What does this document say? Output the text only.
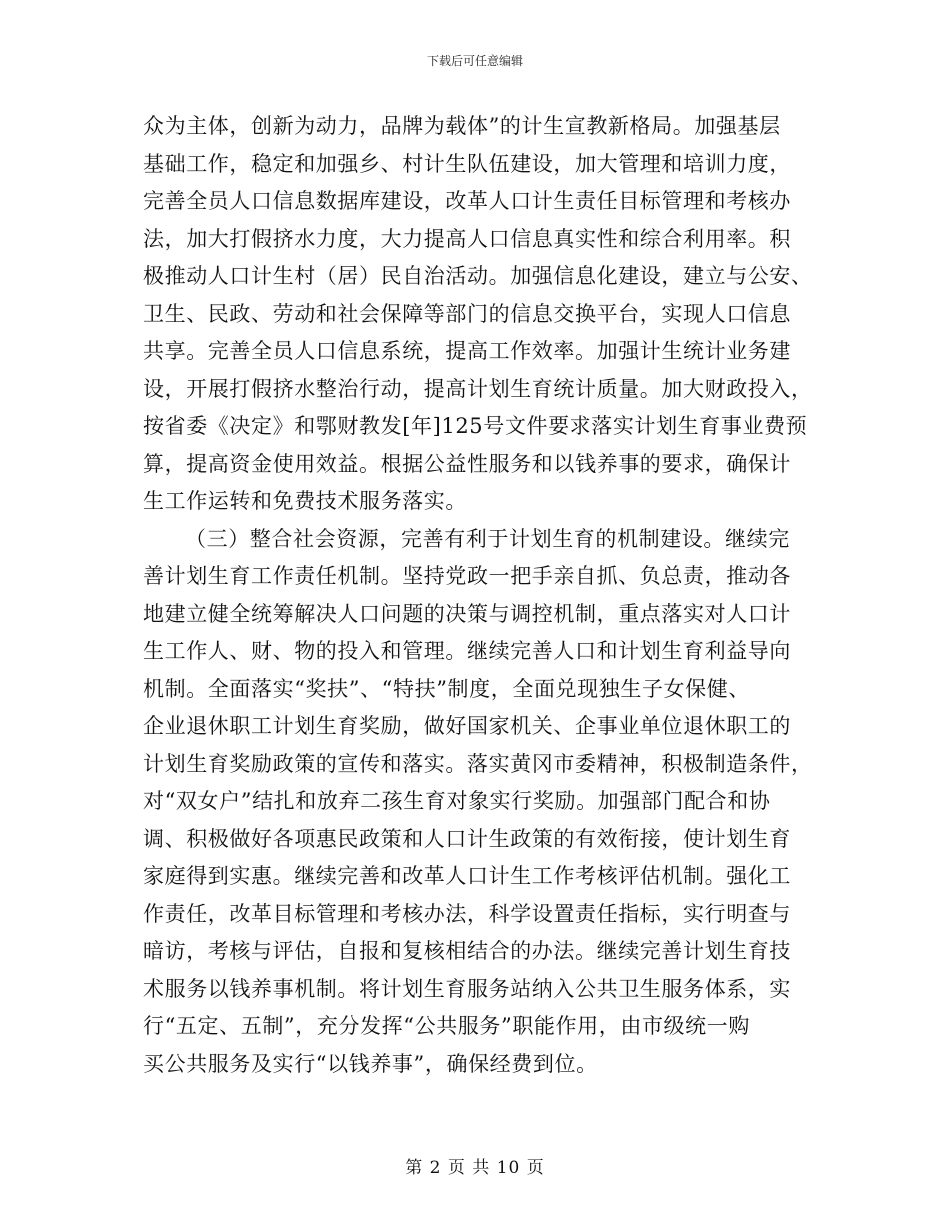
下载后可任意编辑
众为主体，创新为动力，品牌为载体”的计生宣教新格局。加强基层
基础工作，稳定和加强乡、村计生队伍建设，加大管理和培训力度，
完善全员人口信息数据库建设，改革人口计生责任目标管理和考核办
法，加大打假挤水力度，大力提高人口信息真实性和综合利用率。积
极推动人口计生村（居）民自治活动。加强信息化建设，建立与公安、
卫生、民政、劳动和社会保障等部门的信息交换平台，实现人口信息
共享。完善全员人口信息系统，提高工作效率。加强计生统计业务建
设，开展打假挤水整治行动，提高计划生育统计质量。加大财政投入，
按省委《决定》和鄂财教发[年]125号文件要求落实计划生育事业费预
算，提高资金使用效益。根据公益性服务和以钱养事的要求，确保计
生工作运转和免费技术服务落实。
（三）整合社会资源，完善有利于计划生育的机制建设。继续完
善计划生育工作责任机制。坚持党政一把手亲自抓、负总责，推动各
地建立健全统筹解决人口问题的决策与调控机制，重点落实对人口计
生工作人、财、物的投入和管理。继续完善人口和计划生育利益导向
机制。全面落实“奖扶”、“特扶”制度，全面兑现独生子女保健、
企业退休职工计划生育奖励，做好国家机关、企事业单位退休职工的
计划生育奖励政策的宣传和落实。落实黄冈市委精神，积极制造条件，
对“双女户”结扎和放弃二孩生育对象实行奖励。加强部门配合和协
调、积极做好各项惠民政策和人口计生政策的有效衔接，使计划生育
家庭得到实惠。继续完善和改革人口计生工作考核评估机制。强化工
作责任，改革目标管理和考核办法，科学设置责任指标，实行明查与
暗访，考核与评估，自报和复核相结合的办法。继续完善计划生育技
术服务以钱养事机制。将计划生育服务站纳入公共卫生服务体系，实
行“五定、五制”，充分发挥“公共服务”职能作用，由市级统一购
买公共服务及实行“以钱养事”，确保经费到位。
第 2 页 共 10 页
